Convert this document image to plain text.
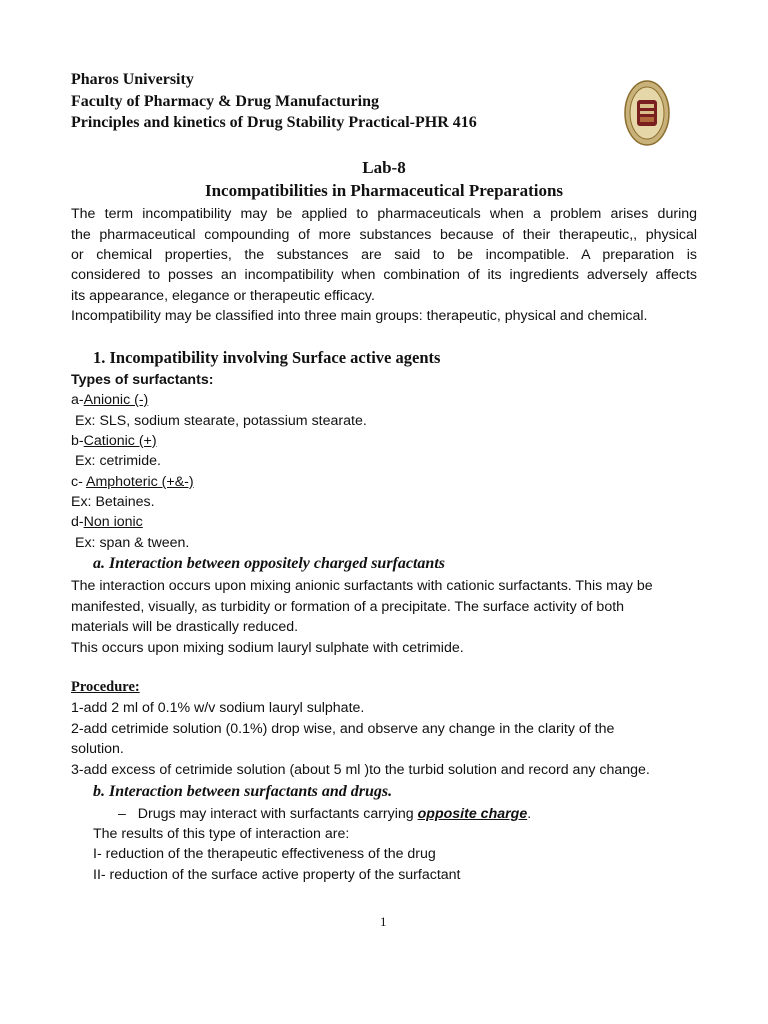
Pharos University
Faculty of Pharmacy & Drug Manufacturing
Principles and kinetics of Drug Stability Practical-PHR 416
Lab-8
Incompatibilities in Pharmaceutical Preparations
The term incompatibility may be applied to pharmaceuticals when a problem arises during
the pharmaceutical compounding of more substances because of their therapeutic,, physical
or chemical properties, the substances are said to be incompatible. A preparation is
considered to posses an incompatibility when combination of its ingredients adversely affects
its appearance, elegance or therapeutic efficacy.
Incompatibility may be classified into three main groups: therapeutic, physical and chemical.
1. Incompatibility involving Surface active agents
Types of surfactants:
a-Anionic (-)
Ex: SLS, sodium stearate, potassium stearate.
b-Cationic (+)
Ex: cetrimide.
c- Amphoteric (+&-)
Ex: Betaines.
d-Non ionic
Ex: span & tween.
a. Interaction between oppositely charged surfactants
The interaction occurs upon mixing anionic surfactants with cationic surfactants. This may be
manifested, visually, as turbidity or formation of a precipitate. The surface activity of both
materials will be drastically reduced.
This occurs upon mixing sodium lauryl sulphate with cetrimide.
Procedure:
1-add 2 ml of 0.1% w/v sodium lauryl sulphate.
2-add cetrimide solution (0.1%) drop wise, and observe any change in the clarity of the
solution.
3-add excess of cetrimide solution (about 5 ml )to the turbid solution and record any change.
b. Interaction between surfactants and drugs.
– Drugs may interact with surfactants carrying opposite charge.
The results of this type of interaction are:
I- reduction of the therapeutic effectiveness of the drug
II- reduction of the surface active property of the surfactant
1
